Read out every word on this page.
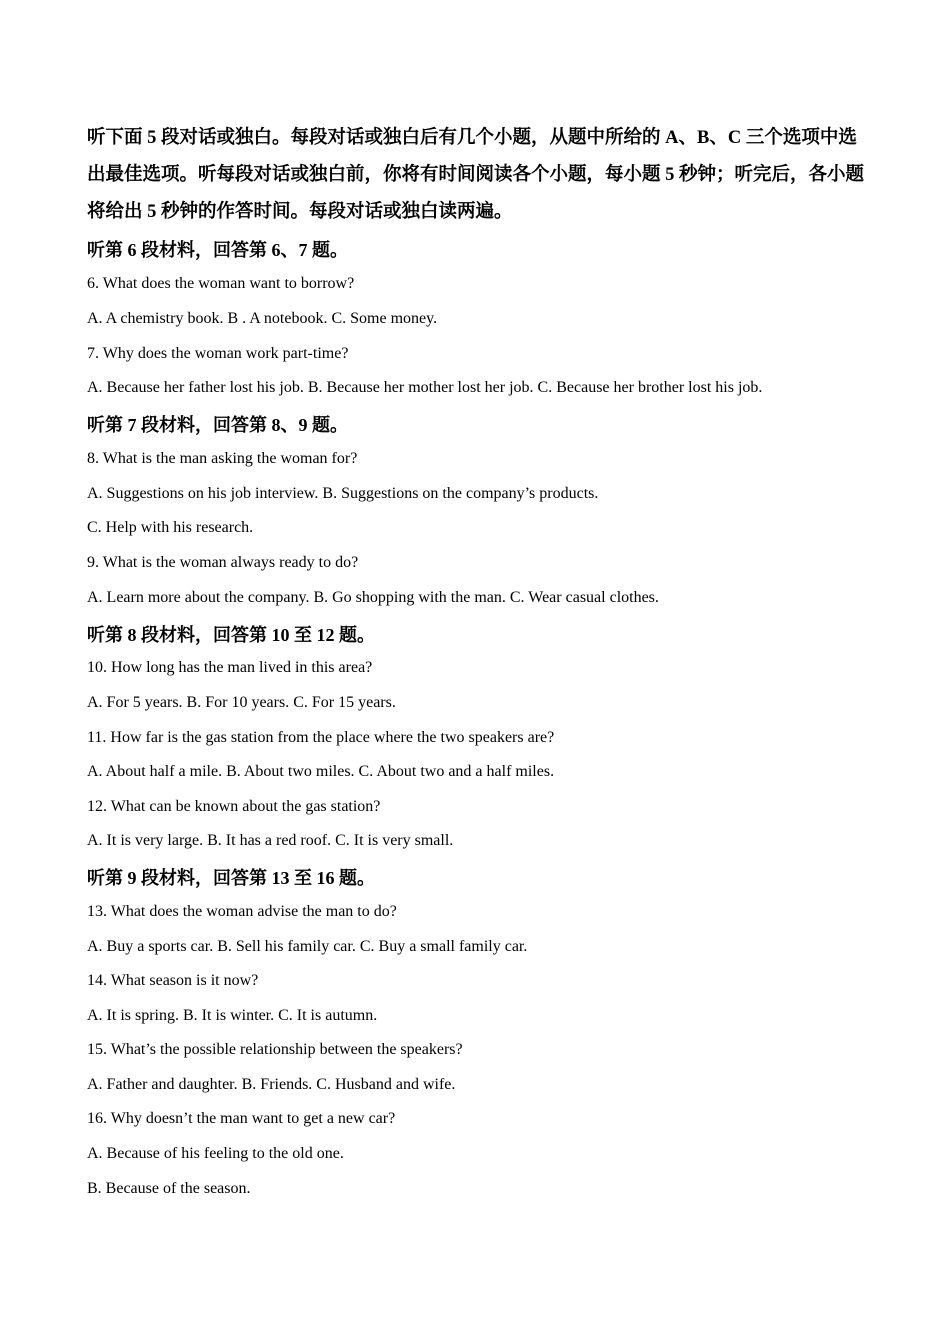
听下面 5 段对话或独白。每段对话或独白后有几个小题，从题中所给的 A、B、C 三个选项中选出最佳选项。听每段对话或独白前，你将有时间阅读各个小题，每小题 5 秒钟；听完后，各小题将给出 5 秒钟的作答时间。每段对话或独白读两遍。

听第 6 段材料，回答第 6、7 题。

6. What does the woman want to borrow?

A. A chemistry book. B . A notebook. C. Some money.

7. Why does the woman work part-time?

A. Because her father lost his job. B. Because her mother lost her job. C. Because her brother lost his job.

听第 7 段材料，回答第 8、9 题。

8. What is the man asking the woman for?

A. Suggestions on his job interview. B. Suggestions on the company’s products.

C. Help with his research.

9. What is the woman always ready to do?

A. Learn more about the company. B. Go shopping with the man. C. Wear casual clothes.

听第 8 段材料，回答第 10 至 12 题。

10. How long has the man lived in this area?

A. For 5 years. B. For 10 years. C. For 15 years.

11. How far is the gas station from the place where the two speakers are?

A. About half a mile. B. About two miles. C. About two and a half miles.

12. What can be known about the gas station?

A. It is very large. B. It has a red roof. C. It is very small.

听第 9 段材料，回答第 13 至 16 题。

13. What does the woman advise the man to do?

A. Buy a sports car. B. Sell his family car. C. Buy a small family car.

14. What season is it now?

A. It is spring. B. It is winter. C. It is autumn.

15. What’s the possible relationship between the speakers?

A. Father and daughter. B. Friends. C. Husband and wife.

16. Why doesn’t the man want to get a new car?

A. Because of his feeling to the old one.

B. Because of the season.
